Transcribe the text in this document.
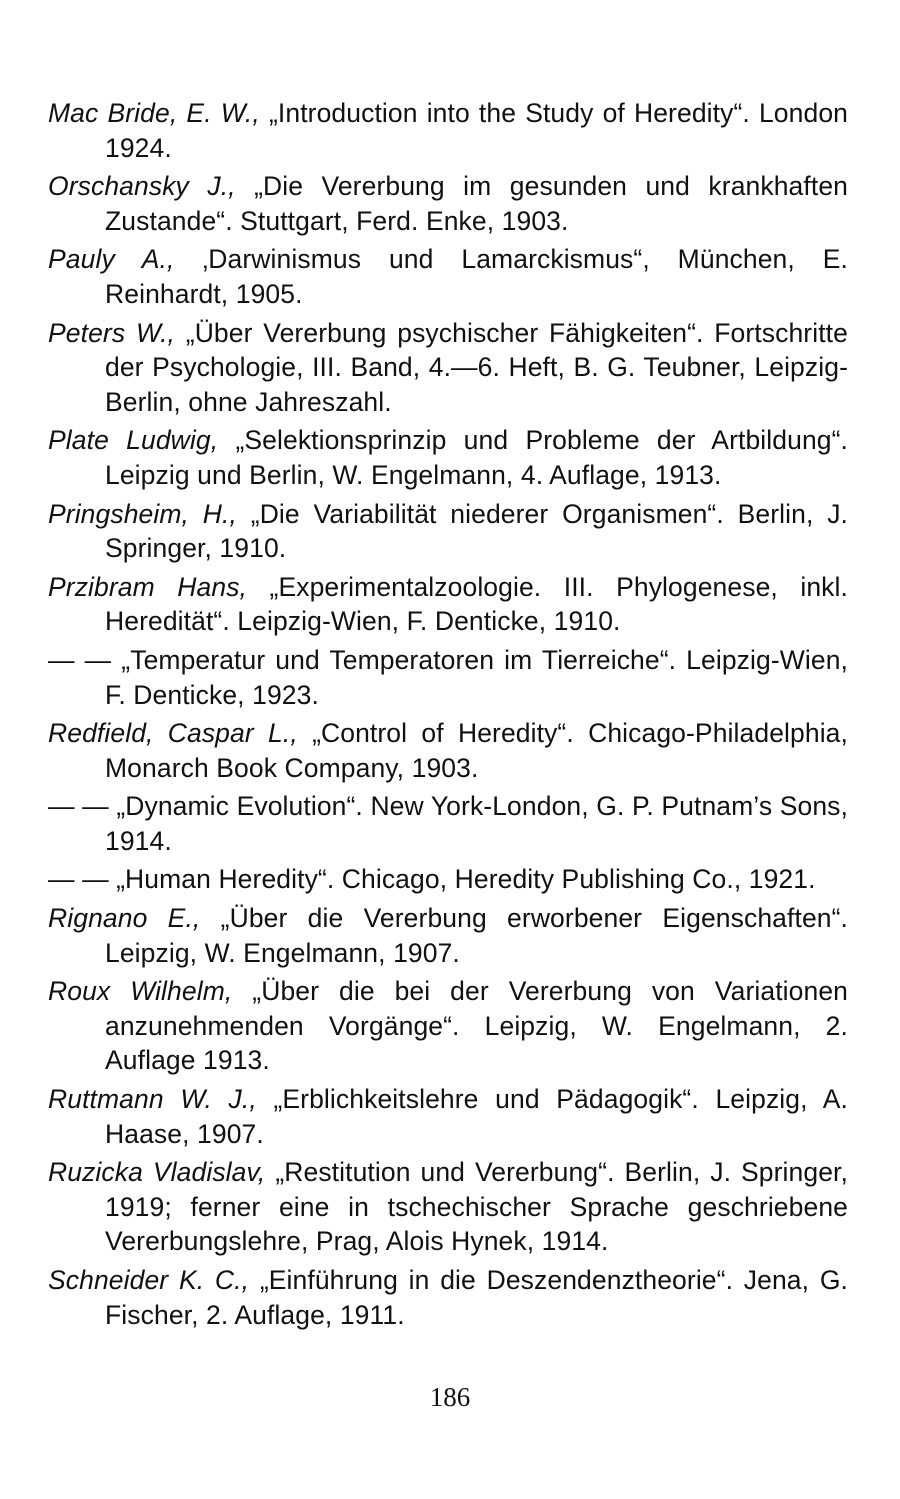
Mac Bride, E. W., „Introduction into the Study of Heredity“. London 1924.
Orschansky J., „Die Vererbung im gesunden und krankhaften Zustande“. Stuttgart, Ferd. Enke, 1903.
Pauly A., ‚Darwinismus und Lamarckismus“, München, E. Reinhardt, 1905.
Peters W., „Über Vererbung psychischer Fähigkeiten“. Fortschritte der Psychologie, III. Band, 4.—6. Heft, B. G. Teubner, Leipzig-Berlin, ohne Jahreszahl.
Plate Ludwig, „Selektionsprinzip und Probleme der Artbildung“. Leipzig und Berlin, W. Engelmann, 4. Auflage, 1913.
Pringsheim, H., „Die Variabilität niederer Organismen“. Berlin, J. Springer, 1910.
Przibram Hans, „Experimentalzoologie. III. Phylogenese, inkl. Heredität“. Leipzig-Wien, F. Denticke, 1910.
— — „Temperatur und Temperatoren im Tierreiche“. Leipzig-Wien, F. Denticke, 1923.
Redfield, Caspar L., „Control of Heredity“. Chicago-Philadelphia, Monarch Book Company, 1903.
— — „Dynamic Evolution“. New York-London, G. P. Putnam’s Sons, 1914.
— — „Human Heredity“. Chicago, Heredity Publishing Co., 1921.
Rignano E., „Über die Vererbung erworbener Eigenschaften“. Leipzig, W. Engelmann, 1907.
Roux Wilhelm, „Über die bei der Vererbung von Variationen anzunehmenden Vorgänge“. Leipzig, W. Engelmann, 2. Auflage 1913.
Ruttmann W. J., „Erblichkeitslehre und Pädagogik“. Leipzig, A. Haase, 1907.
Ruzicka Vladislav, „Restitution und Vererbung“. Berlin, J. Springer, 1919; ferner eine in tschechischer Sprache geschriebene Vererbungslehre, Prag, Alois Hynek, 1914.
Schneider K. C., „Einführung in die Deszendenztheorie“. Jena, G. Fischer, 2. Auflage, 1911.
186
